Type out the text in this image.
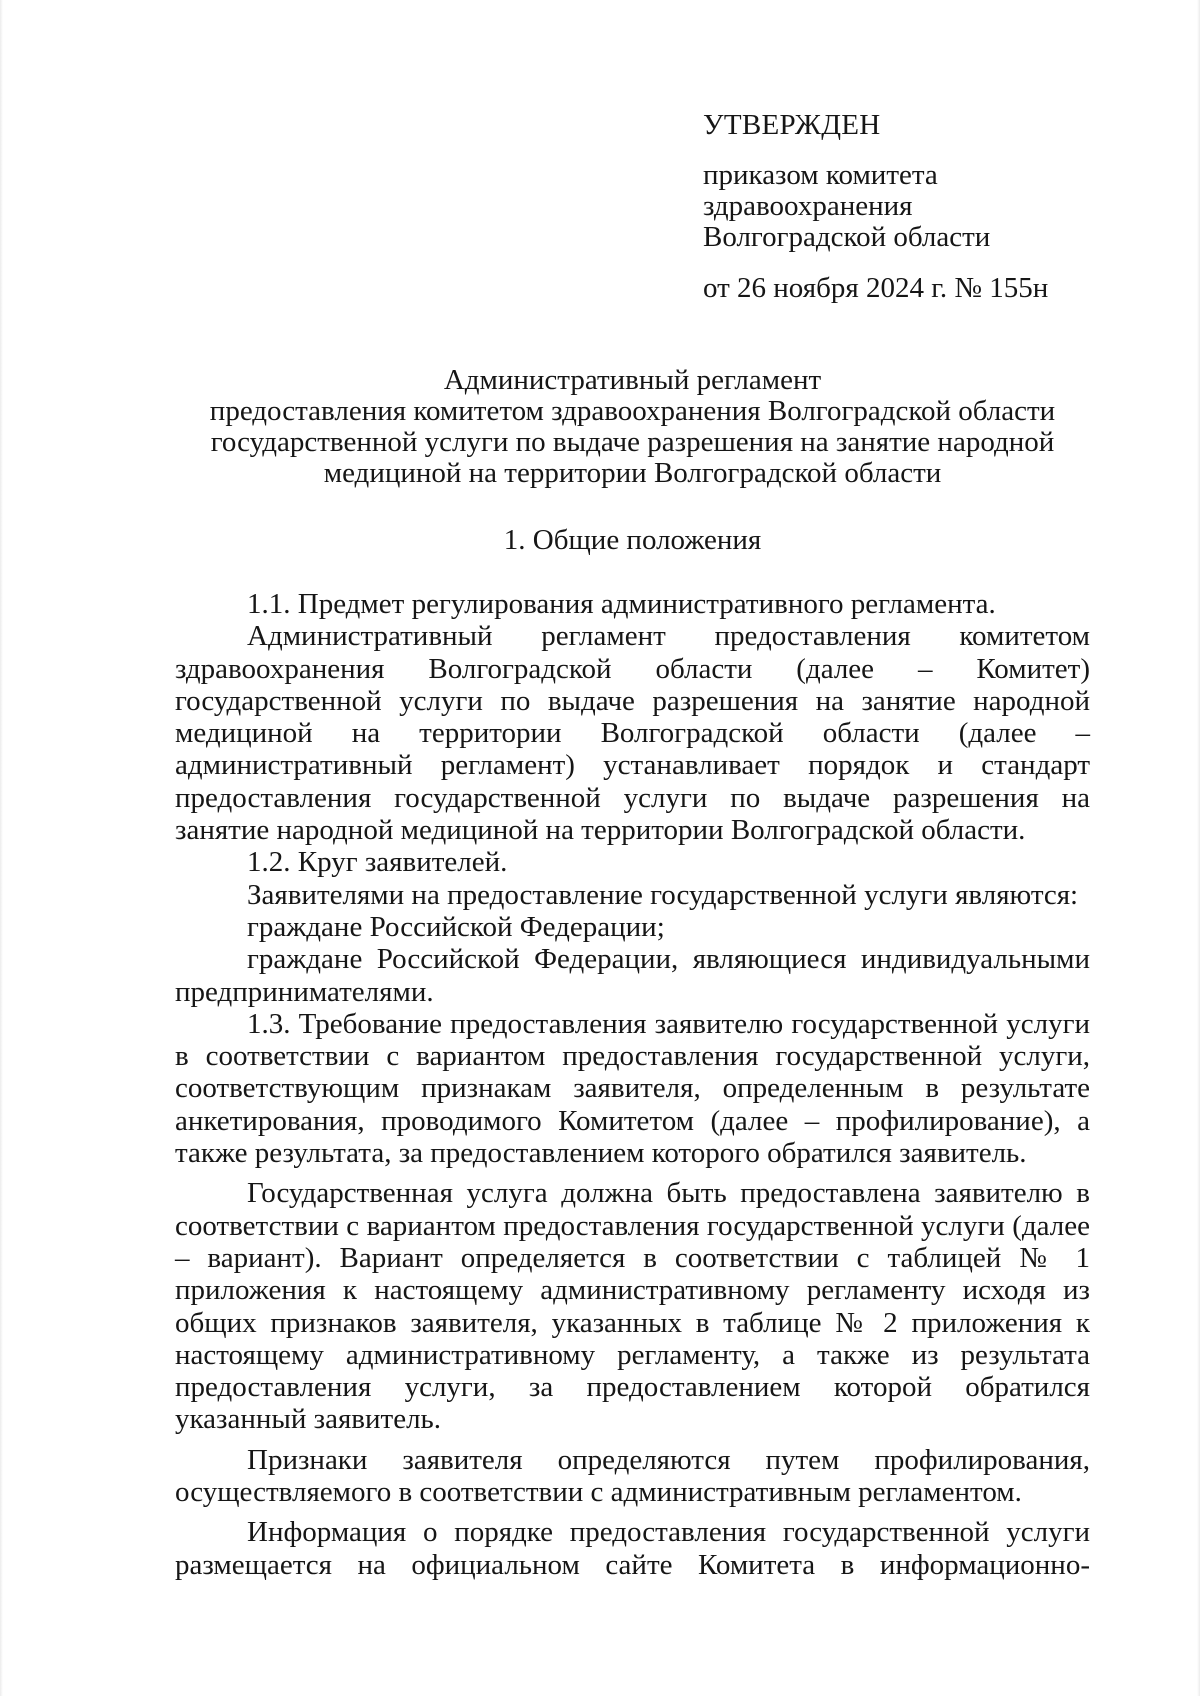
УТВЕРЖДЕН
приказом комитета
здравоохранения
Волгоградской области
от 26 ноября 2024 г. № 155н
Административный регламент
предоставления комитетом здравоохранения Волгоградской области
государственной услуги по выдаче разрешения на занятие народной
медициной на территории Волгоградской области
1. Общие положения

1.1. Предмет регулирования административного регламента.

Административный регламент предоставления комитетом здравоохранения Волгоградской области (далее – Комитет) государственной услуги по выдаче разрешения на занятие народной медициной на территории Волгоградской области (далее – административный регламент) устанавливает порядок и стандарт предоставления государственной услуги по выдаче разрешения на занятие народной медициной на территории Волгоградской области.

1.2. Круг заявителей.

Заявителями на предоставление государственной услуги являются:

граждане Российской Федерации;

граждане Российской Федерации, являющиеся индивидуальными предпринимателями.

1.3. Требование предоставления заявителю государственной услуги в соответствии с вариантом предоставления государственной услуги, соответствующим признакам заявителя, определенным в результате анкетирования, проводимого Комитетом (далее – профилирование), а также результата, за предоставлением которого обратился заявитель.

Государственная услуга должна быть предоставлена заявителю в соответствии с вариантом предоставления государственной услуги (далее – вариант). Вариант определяется в соответствии с таблицей № 1 приложения к настоящему административному регламенту исходя из общих признаков заявителя, указанных в таблице № 2 приложения к настоящему административному регламенту, а также из результата предоставления услуги, за предоставлением которой обратился указанный заявитель.

Признаки заявителя определяются путем профилирования, осуществляемого в соответствии с административным регламентом.

Информация о порядке предоставления государственной услуги размещается на официальном сайте Комитета в информационно-
